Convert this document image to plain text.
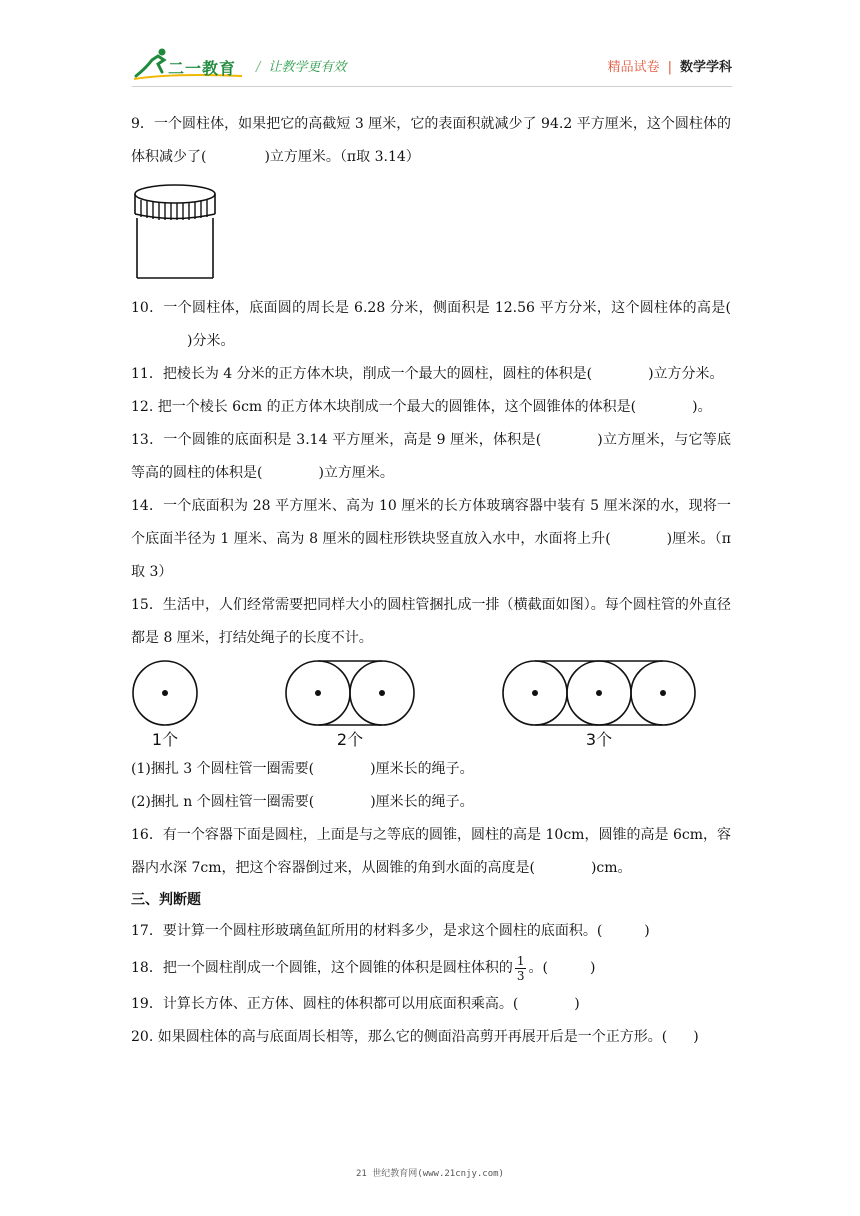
二一教育 / 让教学更有效	精品试卷 | 数学学科

9．一个圆柱体，如果把它的高截短 3 厘米，它的表面积就减少了 94.2 平方厘米，这个圆柱体的体积减少了(	)立方厘米。（π取 3.14）

10．一个圆柱体，底面圆的周长是 6.28 分米，侧面积是 12.56 平方分米，这个圆柱体的高是()分米。

11．把棱长为 4 分米的正方体木块，削成一个最大的圆柱，圆柱的体积是(	)立方分米。

12. 把一个棱长 6cm 的正方体木块削成一个最大的圆锥体，这个圆锥体的体积是(	)。

13．一个圆锥的底面积是 3.14 平方厘米，高是 9 厘米，体积是(	)立方厘米，与它等底等高的圆柱的体积是(	)立方厘米。

14．一个底面积为 28 平方厘米、高为 10 厘米的长方体玻璃容器中装有 5 厘米深的水，现将一个底面半径为 1 厘米、高为 8 厘米的圆柱形铁块竖直放入水中，水面将上升(	)厘米。（π取 3）

15．生活中，人们经常需要把同样大小的圆柱管捆扎成一排（横截面如图）。每个圆柱管的外直径都是 8 厘米，打结处绳子的长度不计。

1个	2个	3个

(1)捆扎 3 个圆柱管一圈需要(	)厘米长的绳子。

(2)捆扎 n 个圆柱管一圈需要(	)厘米长的绳子。

16．有一个容器下面是圆柱，上面是与之等底的圆锥，圆柱的高是 10cm，圆锥的高是 6cm，容器内水深 7cm，把这个容器倒过来，从圆锥的角到水面的高度是(	)cm。

三、判断题

17．要计算一个圆柱形玻璃鱼缸所用的材料多少，是求这个圆柱的底面积。(	)

18．把一个圆柱削成一个圆锥，这个圆锥的体积是圆柱体积的 $\frac{1}{3}$ 。(	)

19．计算长方体、正方体、圆柱的体积都可以用底面积乘高。(	)

20. 如果圆柱体的高与底面周长相等，那么它的侧面沿高剪开再展开后是一个正方形。( )

21 世纪教育网(www.21cnjy.com)
